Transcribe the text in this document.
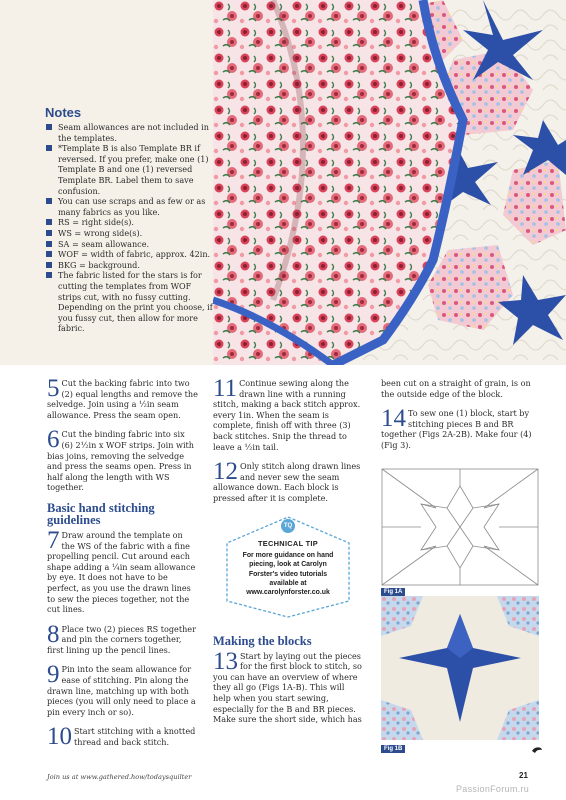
Notes
Seam allowances are not included in the templates.
*Template B is also Template BR if reversed. If you prefer, make one (1) Template B and one (1) reversed Template BR. Label them to save confusion.
You can use scraps and as few or as many fabrics as you like.
RS = right side(s).
WS = wrong side(s).
SA = seam allowance.
WOF = width of fabric, approx. 42in.
BKG = background.
The fabric listed for the stars is for cutting the templates from WOF strips cut, with no fussy cutting. Depending on the print you choose, if you fussy cut, then allow for more fabric.
5 Cut the backing fabric into two (2) equal lengths and remove the selvedge. Join using a ½in seam allowance. Press the seam open.
6 Cut the binding fabric into six (6) 2½in x WOF strips. Join with bias joins, removing the selvedge and press the seams open. Press in half along the length with WS together.
Basic hand stitching guidelines
7 Draw around the template on the WS of the fabric with a fine propelling pencil. Cut around each shape adding a ¼in seam allowance by eye. It does not have to be perfect, as you use the drawn lines to sew the pieces together, not the cut lines.
8 Place two (2) pieces RS together and pin the corners together, first lining up the pencil lines.
9 Pin into the seam allowance for ease of stitching. Pin along the drawn line, matching up with both pieces (you will only need to place a pin every inch or so).
10 Start stitching with a knotted thread and back stitch.
11 Continue sewing along the drawn line with a running stitch, making a back stitch approx. every 1in. When the seam is complete, finish off with three (3) back stitches. Snip the thread to leave a ½in tail.
12 Only stitch along drawn lines and never sew the seam allowance down. Each block is pressed after it is complete.
TQ
TECHNICAL TIP
For more guidance on hand piecing, look at Carolyn Forster's video tutorials available at www.carolynforster.co.uk
Making the blocks
13 Start by laying out the pieces for the first block to stitch, so you can have an overview of where they all go (Figs 1A-B). This will help when you start sewing, especially for the B and BR pieces. Make sure the short side, which has
been cut on a straight of grain, is on the outside edge of the block.
14 To sew one (1) block, start by stitching pieces B and BR together (Figs 2A-2B). Make four (4) (Fig 3).
Fig 1A
Fig 1B
Join us at www.gathered.how/todaysquilter	21
PassionForum.ru
